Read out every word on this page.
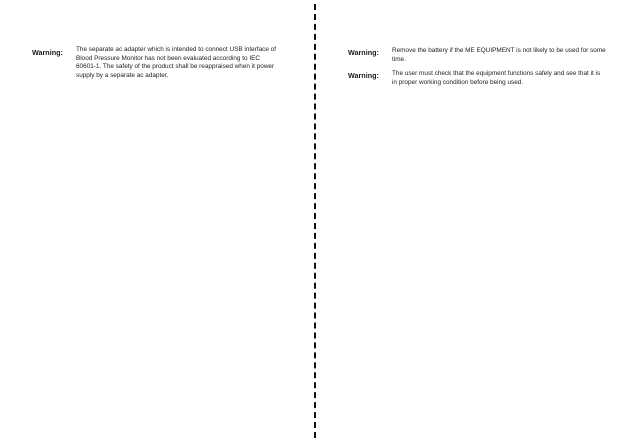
Warning:	The separate ac adapter which is intended to connect USB interface of Blood Pressure Monitor has not been evaluated according to IEC 60601-1. The safety of the product shall be reappraised when it power supply by a separate ac adapter.
Warning:	Remove the battery if the ME EQUIPMENT is not likely to be used for some time.
Warning:	The user must check that the equipment functions safely and see that it is in proper working condition before being used.
